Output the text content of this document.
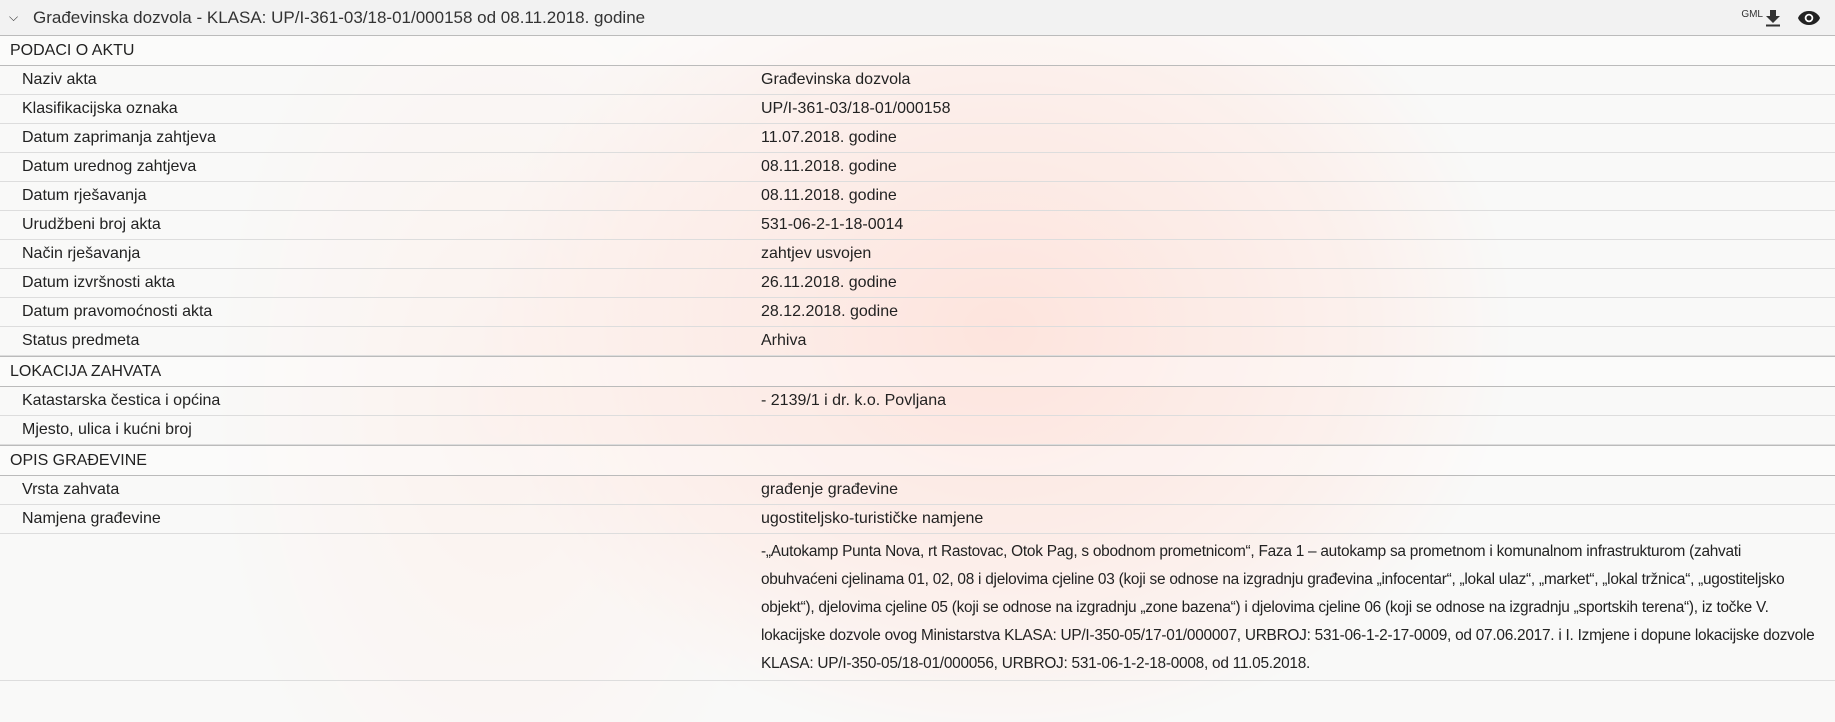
⌵ Građevinska dozvola - KLASA: UP/I-361-03/18-01/000158 od 08.11.2018. godine	GML
PODACI O AKTU
Naziv akta	Građevinska dozvola
Klasifikacijska oznaka	UP/I-361-03/18-01/000158
Datum zaprimanja zahtjeva	11.07.2018. godine
Datum urednog zahtjeva	08.11.2018. godine
Datum rješavanja	08.11.2018. godine
Urudžbeni broj akta	531-06-2-1-18-0014
Način rješavanja	zahtjev usvojen
Datum izvršnosti akta	26.11.2018. godine
Datum pravomoćnosti akta	28.12.2018. godine
Status predmeta	Arhiva
LOKACIJA ZAHVATA
Katastarska čestica i općina	- 2139/1 i dr. k.o. Povljana
Mjesto, ulica i kućni broj
OPIS GRAĐEVINE
Vrsta zahvata	građenje građevine
Namjena građevine	ugostiteljsko-turističke namjene
-„Autokamp Punta Nova, rt Rastovac, Otok Pag, s obodnom prometnicom“, Faza 1 – autokamp sa prometnom i komunalnom infrastrukturom (zahvati obuhvaćeni cjelinama 01, 02, 08 i djelovima cjeline 03 (koji se odnose na izgradnju građevina „infocentar“, „lokal ulaz“, „market“, „lokal tržnica“, „ugostiteljsko objekt“), djelovima cjeline 05 (koji se odnose na izgradnju „zone bazena“) i djelovima cjeline 06 (koji se odnose na izgradnju „sportskih terena“), iz točke V. lokacijske dozvole ovog Ministarstva KLASA: UP/I-350-05/17-01/000007, URBROJ: 531-06-1-2-17-0009, od 07.06.2017. i I. Izmjene i dopune lokacijske dozvole KLASA: UP/I-350-05/18-01/000056, URBROJ: 531-06-1-2-18-0008, od 11.05.2018.
